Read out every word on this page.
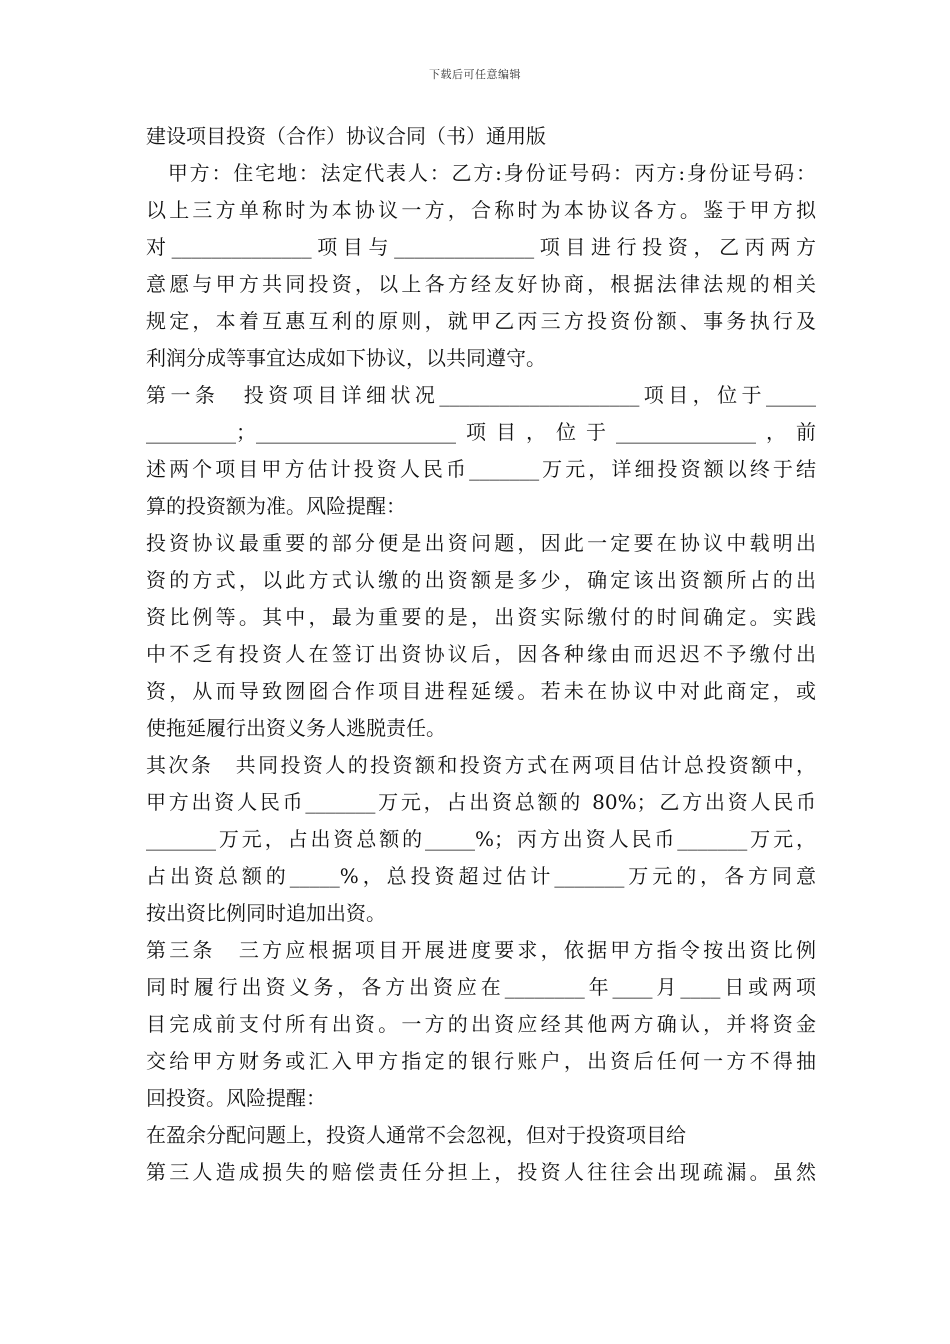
下载后可任意编辑
建设项目投资（合作）协议合同（书）通用版
　甲方：住宅地：法定代表人：乙方:身份证号码：丙方:身份证号码：
以上三方单称时为本协议一方，合称时为本协议各方。鉴于甲方拟
对______________项目与______________项目进行投资，乙丙两方
意愿与甲方共同投资，以上各方经友好协商，根据法律法规的相关
规定，本着互惠互利的原则，就甲乙丙三方投资份额、事务执行及
利润分成等事宜达成如下协议，以共同遵守。
第一条　投资项目详细状况____________________项目，位于_____
_________；____________________项目，位于______________，前
述两个项目甲方估计投资人民币_______万元，详细投资额以终于结
算的投资额为准。风险提醒：
投资协议最重要的部分便是出资问题，因此一定要在协议中载明出
资的方式，以此方式认缴的出资额是多少，确定该出资额所占的出
资比例等。其中，最为重要的是，出资实际缴付的时间确定。实践
中不乏有投资人在签订出资协议后，因各种缘由而迟迟不予缴付出
资，从而导致囫囵合作项目进程延缓。若未在协议中对此商定，或
使拖延履行出资义务人逃脱责任。
其次条　共同投资人的投资额和投资方式在两项目估计总投资额中，
甲方出资人民币_______万元，占出资总额的 80%；乙方出资人民币
_______万元，占出资总额的_____%；丙方出资人民币_______万元，
占出资总额的_____%，总投资超过估计_______万元的，各方同意
按出资比例同时追加出资。
第三条　三方应根据项目开展进度要求，依据甲方指令按出资比例
同时履行出资义务，各方出资应在________年____月____日或两项
目完成前支付所有出资。一方的出资应经其他两方确认，并将资金
交给甲方财务或汇入甲方指定的银行账户，出资后任何一方不得抽
回投资。风险提醒：
在盈余分配问题上，投资人通常不会忽视，但对于投资项目给
第三人造成损失的赔偿责任分担上，投资人往往会出现疏漏。虽然
